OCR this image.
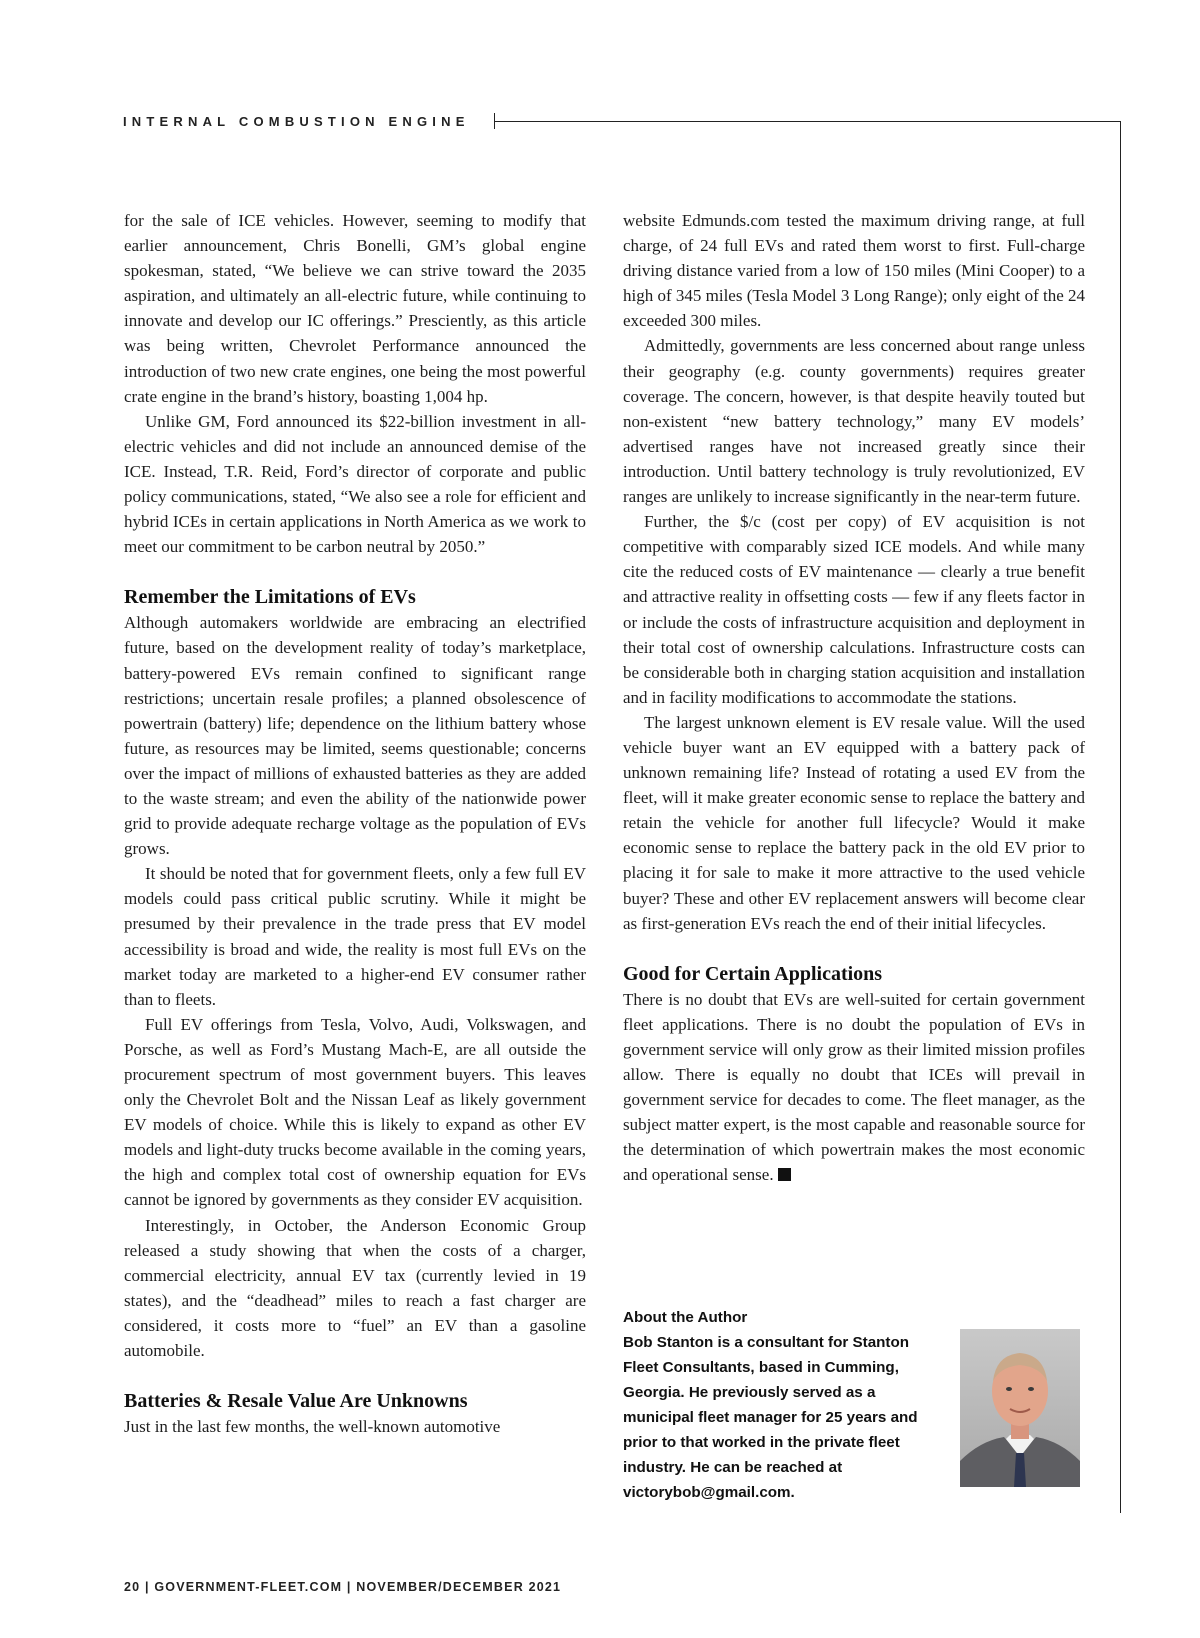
INTERNAL COMBUSTION ENGINE

for the sale of ICE vehicles. However, seeming to modify that earlier announcement, Chris Bonelli, GM’s global engine spokesman, stated, “We believe we can strive toward the 2035 aspiration, and ultimately an all-electric future, while continuing to innovate and develop our IC offerings.” Presciently, as this article was being written, Chevrolet Performance announced the introduction of two new crate engines, one being the most powerful crate engine in the brand’s history, boasting 1,004 hp.

Unlike GM, Ford announced its $22-billion investment in all-electric vehicles and did not include an announced demise of the ICE. Instead, T.R. Reid, Ford’s director of corporate and public policy communications, stated, “We also see a role for efficient and hybrid ICEs in certain applications in North America as we work to meet our commitment to be carbon neutral by 2050.”

Remember the Limitations of EVs

Although automakers worldwide are embracing an electrified future, based on the development reality of today’s marketplace, battery-powered EVs remain confined to significant range restrictions; uncertain resale profiles; a planned obsolescence of powertrain (battery) life; dependence on the lithium battery whose future, as resources may be limited, seems questionable; concerns over the impact of millions of exhausted batteries as they are added to the waste stream; and even the ability of the nationwide power grid to provide adequate recharge voltage as the population of EVs grows.

It should be noted that for government fleets, only a few full EV models could pass critical public scrutiny. While it might be presumed by their prevalence in the trade press that EV model accessibility is broad and wide, the reality is most full EVs on the market today are marketed to a higher-end EV consumer rather than to fleets.

Full EV offerings from Tesla, Volvo, Audi, Volkswagen, and Porsche, as well as Ford’s Mustang Mach-E, are all outside the procurement spectrum of most government buyers. This leaves only the Chevrolet Bolt and the Nissan Leaf as likely government EV models of choice. While this is likely to expand as other EV models and light-duty trucks become available in the coming years, the high and complex total cost of ownership equation for EVs cannot be ignored by governments as they consider EV acquisition.

Interestingly, in October, the Anderson Economic Group released a study showing that when the costs of a charger, commercial electricity, annual EV tax (currently levied in 19 states), and the “deadhead” miles to reach a fast charger are considered, it costs more to “fuel” an EV than a gasoline automobile.

Batteries & Resale Value Are Unknowns

Just in the last few months, the well-known automotive

website Edmunds.com tested the maximum driving range, at full charge, of 24 full EVs and rated them worst to first. Full-charge driving distance varied from a low of 150 miles (Mini Cooper) to a high of 345 miles (Tesla Model 3 Long Range); only eight of the 24 exceeded 300 miles.

Admittedly, governments are less concerned about range unless their geography (e.g. county governments) requires greater coverage. The concern, however, is that despite heavily touted but non-existent “new battery technology,” many EV models’ advertised ranges have not increased greatly since their introduction. Until battery technology is truly revolutionized, EV ranges are unlikely to increase significantly in the near-term future.

Further, the $/c (cost per copy) of EV acquisition is not competitive with comparably sized ICE models. And while many cite the reduced costs of EV maintenance — clearly a true benefit and attractive reality in offsetting costs — few if any fleets factor in or include the costs of infrastructure acquisition and deployment in their total cost of ownership calculations. Infrastructure costs can be considerable both in charging station acquisition and installation and in facility modifications to accommodate the stations.

The largest unknown element is EV resale value. Will the used vehicle buyer want an EV equipped with a battery pack of unknown remaining life? Instead of rotating a used EV from the fleet, will it make greater economic sense to replace the battery and retain the vehicle for another full lifecycle? Would it make economic sense to replace the battery pack in the old EV prior to placing it for sale to make it more attractive to the used vehicle buyer? These and other EV replacement answers will become clear as first-generation EVs reach the end of their initial lifecycles.

Good for Certain Applications

There is no doubt that EVs are well-suited for certain government fleet applications. There is no doubt the population of EVs in government service will only grow as their limited mission profiles allow. There is equally no doubt that ICEs will prevail in government service for decades to come. The fleet manager, as the subject matter expert, is the most capable and reasonable source for the determination of which powertrain makes the most economic and operational sense.

About the Author
Bob Stanton is a consultant for Stanton Fleet Consultants, based in Cumming, Georgia. He previously served as a municipal fleet manager for 25 years and prior to that worked in the private fleet industry. He can be reached at victorybob@gmail.com.
20 | GOVERNMENT-FLEET.COM | NOVEMBER/DECEMBER 2021
